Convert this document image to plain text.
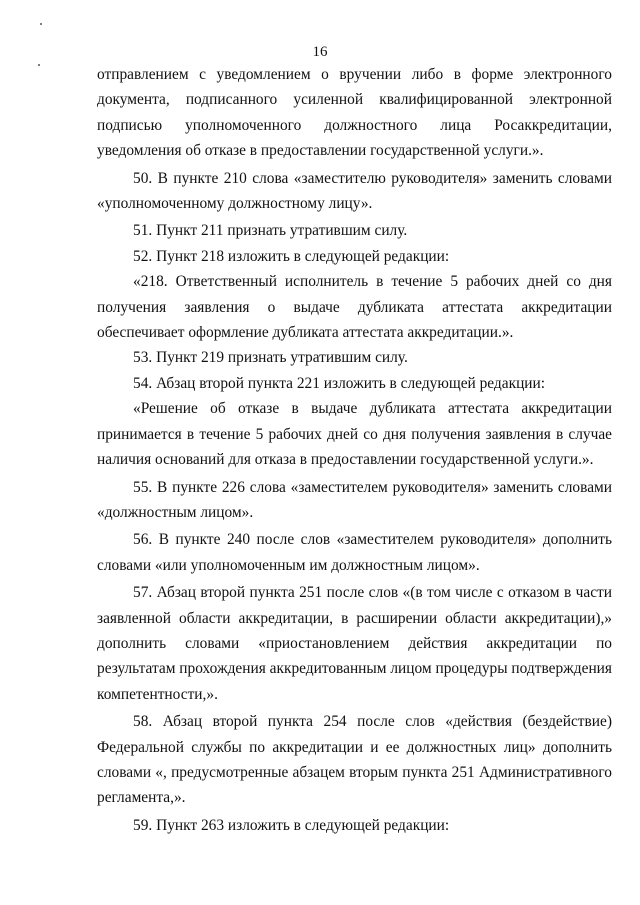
16

отправлением с уведомлением о вручении либо в форме электронного документа, подписанного усиленной квалифицированной электронной подписью уполномоченного должностного лица Росаккредитации, уведомления об отказе в предоставлении государственной услуги.».

50. В пункте 210 слова «заместителю руководителя» заменить словами «уполномоченному должностному лицу».

51. Пункт 211 признать утратившим силу.

52. Пункт 218 изложить в следующей редакции:

«218. Ответственный исполнитель в течение 5 рабочих дней со дня получения заявления о выдаче дубликата аттестата аккредитации обеспечивает оформление дубликата аттестата аккредитации.».

53. Пункт 219 признать утратившим силу.

54. Абзац второй пункта 221 изложить в следующей редакции:

«Решение об отказе в выдаче дубликата аттестата аккредитации принимается в течение 5 рабочих дней со дня получения заявления в случае наличия оснований для отказа в предоставлении государственной услуги.».

55. В пункте 226 слова «заместителем руководителя» заменить словами «должностным лицом».

56. В пункте 240 после слов «заместителем руководителя» дополнить словами «или уполномоченным им должностным лицом».

57. Абзац второй пункта 251 после слов «(в том числе с отказом в части заявленной области аккредитации, в расширении области аккредитации),» дополнить словами «приостановлением действия аккредитации по результатам прохождения аккредитованным лицом процедуры подтверждения компетентности,».

58. Абзац второй пункта 254 после слов «действия (бездействие) Федеральной службы по аккредитации и ее должностных лиц» дополнить словами «, предусмотренные абзацем вторым пункта 251 Административного регламента,».

59. Пункт 263 изложить в следующей редакции:
